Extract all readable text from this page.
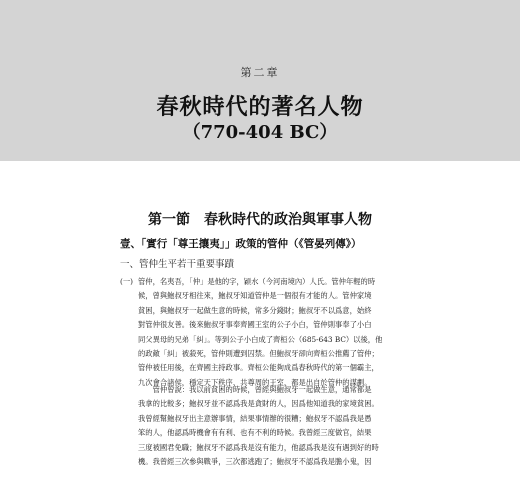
第二章
春秋時代的著名人物
（770-404 BC）
第一節　春秋時代的政治與軍事人物
壹、「實行「尊王攘夷」」政策的管仲（《管晏列傳》）
一、管仲生平若干重要事蹟
(一) 管仲，名夷吾，「仲」是他的字，穎水（今河南境內）人氏。管仲年輕的時
候，曾與鮑叔牙相往來，鮑叔牙知道管仲是一個很有才能的人。管仲家境
貧困，與鮑叔牙一起做生意的時候，常多分錢財；鮑叔牙不以爲意，始終
對管仲很友善。後來鮑叔牙事奉齊國王室的公子小白，管仲則事奉了小白
同父異母的兄弟「糾」。等到公子小白成了齊桓公（685-643 BC）以後，他
的政敵「糾」被殺死，管仲則遭到囚禁。但鮑叔牙卻向齊桓公推薦了管仲；
管仲被任用後，在齊國主持政事。齊桓公能夠成爲春秋時代的第一個霸主，
九次會合諸侯，穩定天下秩序、共尊周的王室，都是出自於管仲的謀劃。
　　管仲曾說：我以前貧困的時候，曾經與鮑叔牙一起做生意，通常都是
我拿的比較多；鮑叔牙並不認爲我是貪財的人，因爲他知道我的家境貧困。
我曾經幫鮑叔牙出主意辦事情，結果事情辦的很糟；鮑叔牙不認爲我是愚
笨的人，他認爲時機會有有利、也有不利的時候。我曾經三度做官，結果
三度被國君免職；鮑叔牙不認爲我是沒有能力，他認爲我是沒有遇到好的時
機。我曾經三次參與戰爭，三次都逃跑了；鮑叔牙不認爲我是膽小鬼，因
